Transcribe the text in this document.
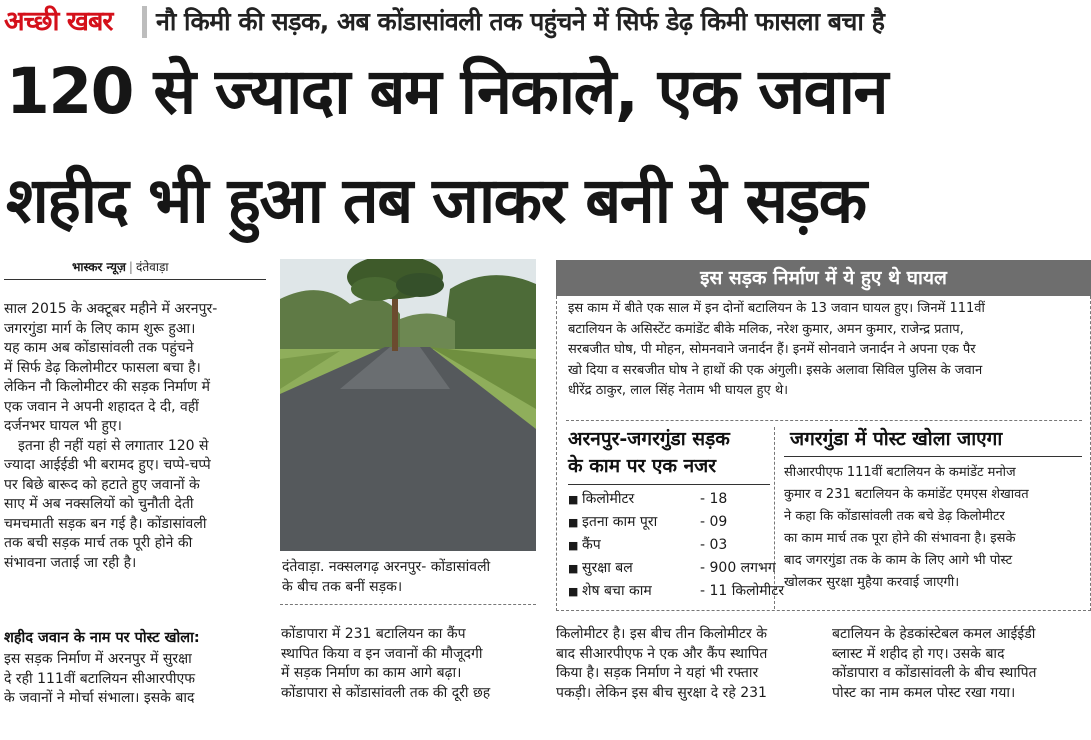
अच्छी खबर नौ किमी की सड़क, अब कोंडासांवली तक पहुंचने में सिर्फ डेढ़ किमी फासला बचा है
120 से ज्यादा बम निकाले, एक जवान
शहीद भी हुआ तब जाकर बनी ये सड़क
भास्कर न्यूज़ | दंतेवाड़ा
साल 2015 के अक्टूबर महीने में अरनपुर-
जगरगुंडा मार्ग के लिए काम शुरू हुआ।
यह काम अब कोंडासांवली तक पहुंचने
में सिर्फ डेढ़ किलोमीटर फासला बचा है।
लेकिन नौ किलोमीटर की सड़क निर्माण में
एक जवान ने अपनी शहादत दे दी, वहीं
दर्जनभर घायल भी हुए।
इतना ही नहीं यहां से लगातार 120 से
ज्यादा आईईडी भी बरामद हुए। चप्पे-चप्पे
पर बिछे बारूद को हटाते हुए जवानों के
साए में अब नक्सलियों को चुनौती देती
चमचमाती सड़क बन गई है। कोंडासांवली
तक बची सड़क मार्च तक पूरी होने की
संभावना जताई जा रही है।
शहीद जवान के नाम पर पोस्ट खोला:
इस सड़क निर्माण में अरनपुर में सुरक्षा
दे रही 111वीं बटालियन सीआरपीएफ
के जवानों ने मोर्चा संभाला। इसके बाद
दंतेवाड़ा. नक्सलगढ़ अरनपुर- कोंडासांवली
के बीच तक बनीं सड़क।
कोंडापारा में 231 बटालियन का कैंप
स्थापित किया व इन जवानों की मौजूदगी
में सड़क निर्माण का काम आगे बढ़ा।
कोंडापारा से कोंडासांवली तक की दूरी छह
किलोमीटर है। इस बीच तीन किलोमीटर के
बाद सीआरपीएफ ने एक और कैंप स्थापित
किया है। सड़क निर्माण ने यहां भी रफ्तार
पकड़ी। लेकिन इस बीच सुरक्षा दे रहे 231
बटालियन के हेडकांस्टेबल कमल आईईडी
ब्लास्ट में शहीद हो गए। उसके बाद
कोंडापारा व कोंडासांवली के बीच स्थापित
पोस्ट का नाम कमल पोस्ट रखा गया।
इस सड़क निर्माण में ये हुए थे घायल
इस काम में बीते एक साल में इन दोनों बटालियन के 13 जवान घायल हुए। जिनमें 111वीं
बटालियन के असिस्टेंट कमांडेंट बीके मलिक, नरेश कुमार, अमन कुमार, राजेन्द्र प्रताप,
सरबजीत घोष, पी मोहन, सोमनवाने जनार्दन हैं। इनमें सोनवाने जनार्दन ने अपना एक पैर
खो दिया व सरबजीत घोष ने हाथों की एक अंगुली। इसके अलावा सिविल पुलिस के जवान
धीरेंद्र ठाकुर, लाल सिंह नेताम भी घायल हुए थे।
अरनपुर-जगरगुंडा सड़क
के काम पर एक नजर
■ किलोमीटर	- 18
■ इतना काम पूरा	- 09
■ कैंप	- 03
■ सुरक्षा बल	- 900 लगभग
■ शेष बचा काम	- 11 किलोमीटर
जगरगुंडा में पोस्ट खोला जाएगा
सीआरपीएफ 111वीं बटालियन के कमांडेंट मनोज
कुमार व 231 बटालियन के कमांडेंट एमएस शेखावत
ने कहा कि कोंडासांवली तक बचे डेढ़ किलोमीटर
का काम मार्च तक पूरा होने की संभावना है। इसके
बाद जगरगुंडा तक के काम के लिए आगे भी पोस्ट
खोलकर सुरक्षा मुहैया करवाई जाएगी।
